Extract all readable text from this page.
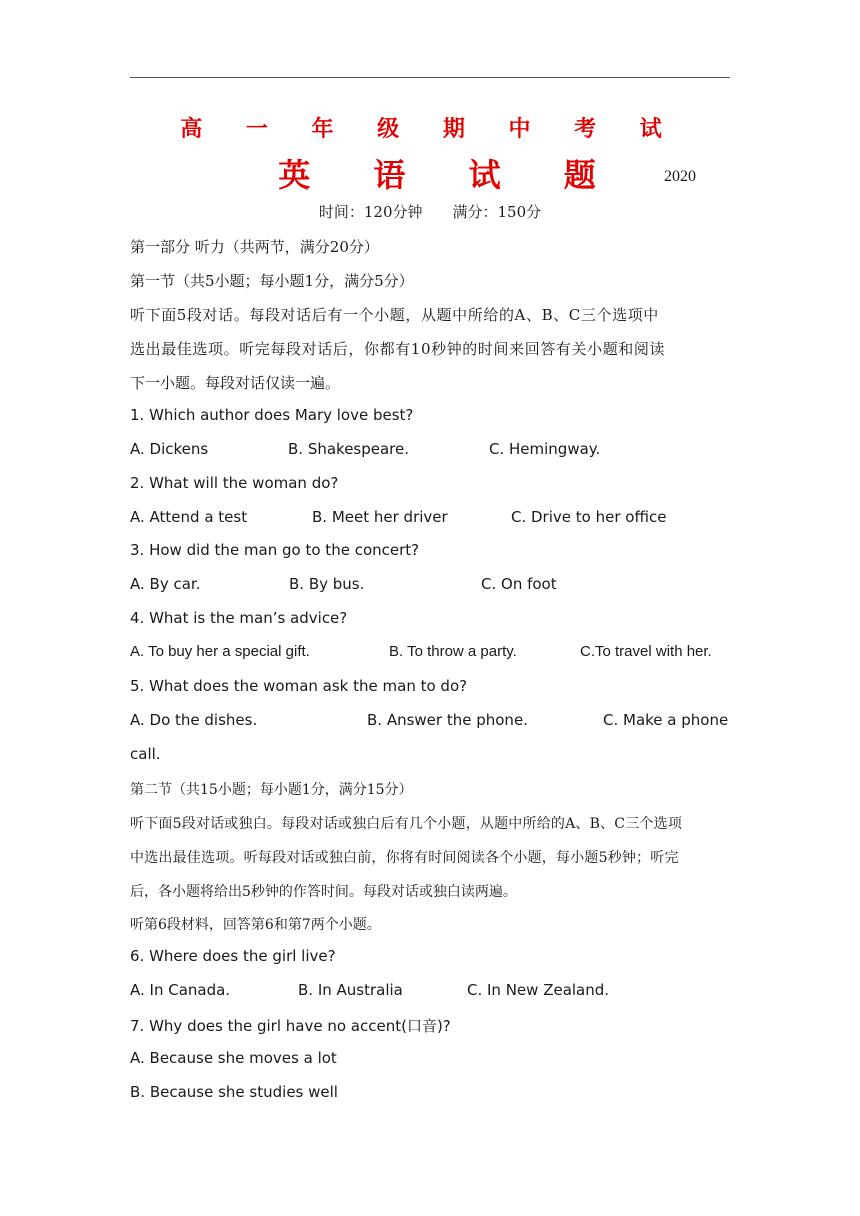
高 一 年 级 期 中 考 试
英 语 试 题	2020
时间：120分钟 满分：150分
第一部分 听力（共两节，满分20分）
第一节（共5小题；每小题1分，满分5分）
听下面5段对话。每段对话后有一个小题，从题中所给的A、B、C三个选项中
选出最佳选项。听完每段对话后，你都有10秒钟的时间来回答有关小题和阅读
下一小题。每段对话仅读一遍。
1. Which author does Mary love best?
A. Dickens	B. Shakespeare.	C. Hemingway.
2. What will the woman do?
A. Attend a test	B. Meet her driver	C. Drive to her office
3. How did the man go to the concert?
A. By car.	B. By bus.	C. On foot
4. What is the man’s advice?
A. To buy her a special gift.	B. To throw a party.	C.To travel with her.
5. What does the woman ask the man to do?
A. Do the dishes.	B. Answer the phone.	C. Make a phone
call.
第二节（共15小题；每小题1分，满分15分）
听下面5段对话或独白。每段对话或独白后有几个小题，从题中所给的A、B、C三个选项
中选出最佳选项。听每段对话或独白前，你将有时间阅读各个小题，每小题5秒钟；听完
后，各小题将给出5秒钟的作答时间。每段对话或独白读两遍。
听第6段材料，回答第6和第7两个小题。
6. Where does the girl live?
A. In Canada.	B. In Australia	C. In New Zealand.
7. Why does the girl have no accent(口音)?
A. Because she moves a lot
B. Because she studies well
